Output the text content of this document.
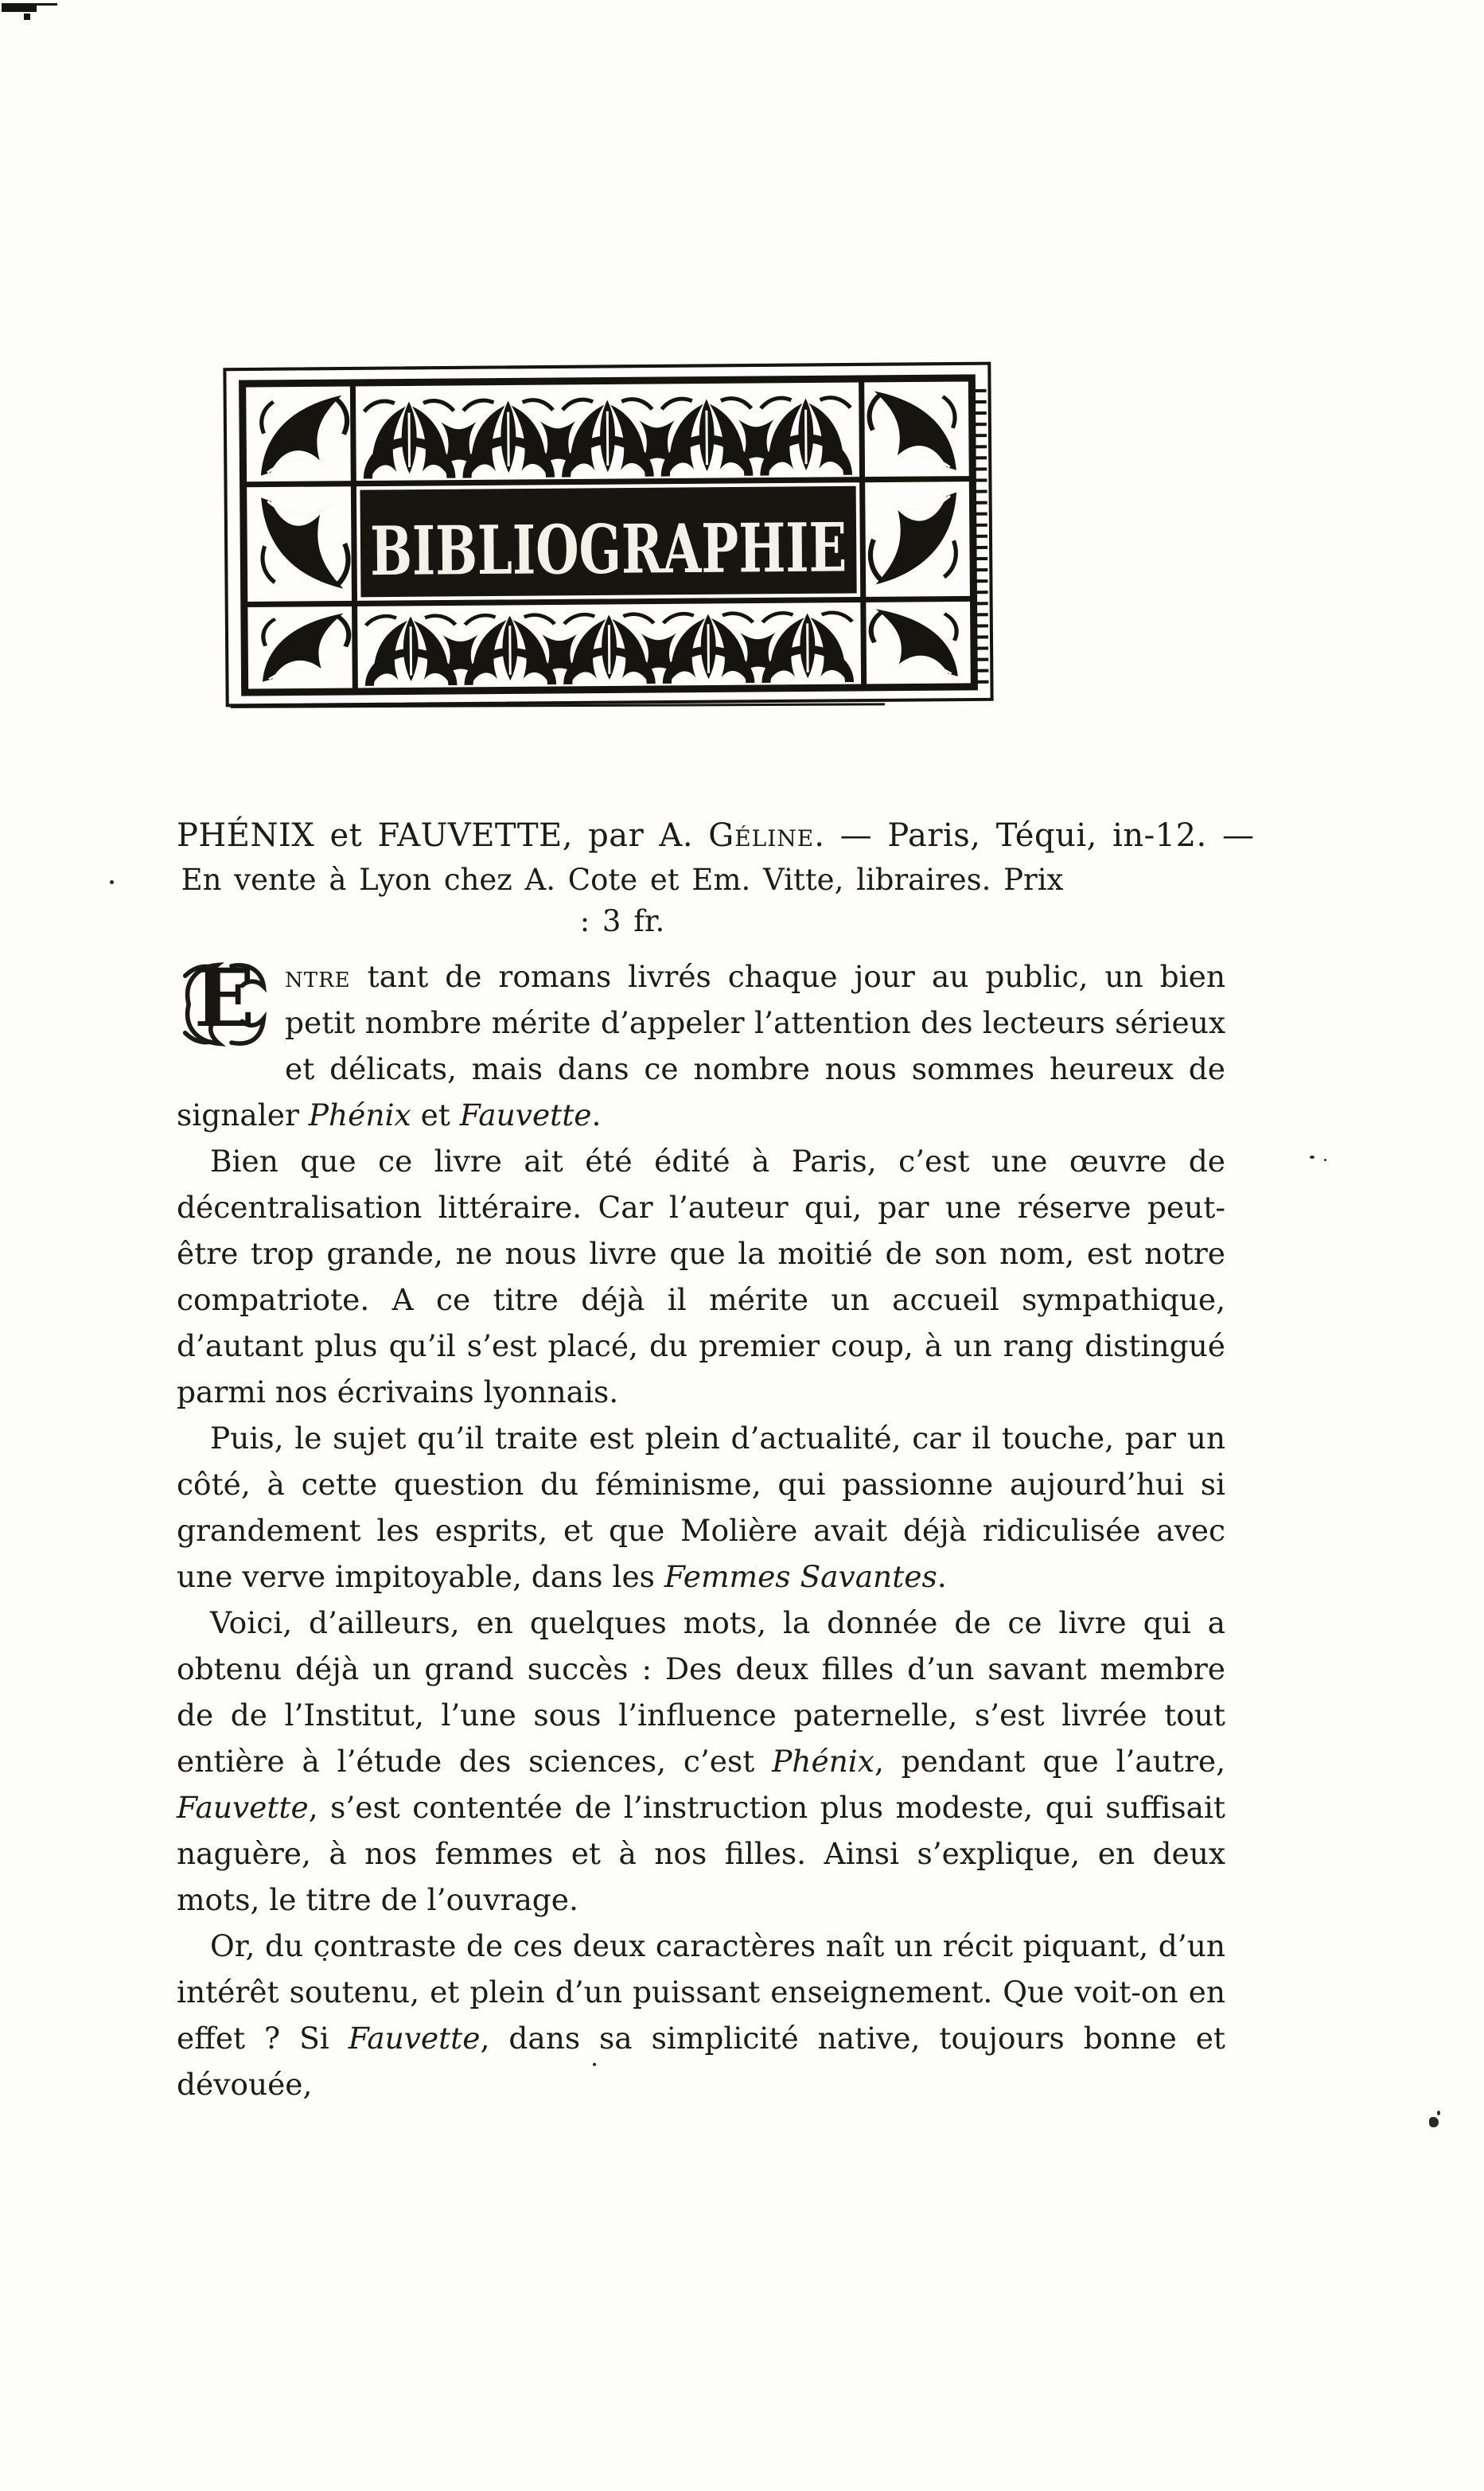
BIBLIOGRAPHIE
PHÉNIX et FAUVETTE, par A. Géline. — Paris, Téqui, in-12. —
En vente à Lyon chez A. Cote et Em. Vitte, libraires. Prix : 3 fr.

E ntre tant de romans livrés chaque jour au public, un bien petit nombre mérite d’appeler l’attention des lecteurs sérieux et délicats, mais dans ce nombre nous sommes heureux de signaler Phénix et Fauvette.

Bien que ce livre ait été édité à Paris, c’est une œuvre de décentralisation littéraire. Car l’auteur qui, par une réserve peut-être trop grande, ne nous livre que la moitié de son nom, est notre compatriote. A ce titre déjà il mérite un accueil sympathique, d’autant plus qu’il s’est placé, du premier coup, à un rang distingué parmi nos écrivains lyonnais.

Puis, le sujet qu’il traite est plein d’actualité, car il touche, par un côté, à cette question du féminisme, qui passionne aujourd’hui si grandement les esprits, et que Molière avait déjà ridiculisée avec une verve impitoyable, dans les Femmes Savantes.

Voici, d’ailleurs, en quelques mots, la donnée de ce livre qui a obtenu déjà un grand succès : Des deux filles d’un savant membre de de l’Institut, l’une sous l’influence paternelle, s’est livrée tout entière à l’étude des sciences, c’est Phénix, pendant que l’autre, Fauvette, s’est contentée de l’instruction plus modeste, qui suffisait naguère, à nos femmes et à nos filles. Ainsi s’explique, en deux mots, le titre de l’ouvrage.

Or, du contraste de ces deux caractères naît un récit piquant, d’un intérêt soutenu, et plein d’un puissant enseignement. Que voit-on en effet ? Si Fauvette, dans sa simplicité native, toujours bonne et dévouée,
